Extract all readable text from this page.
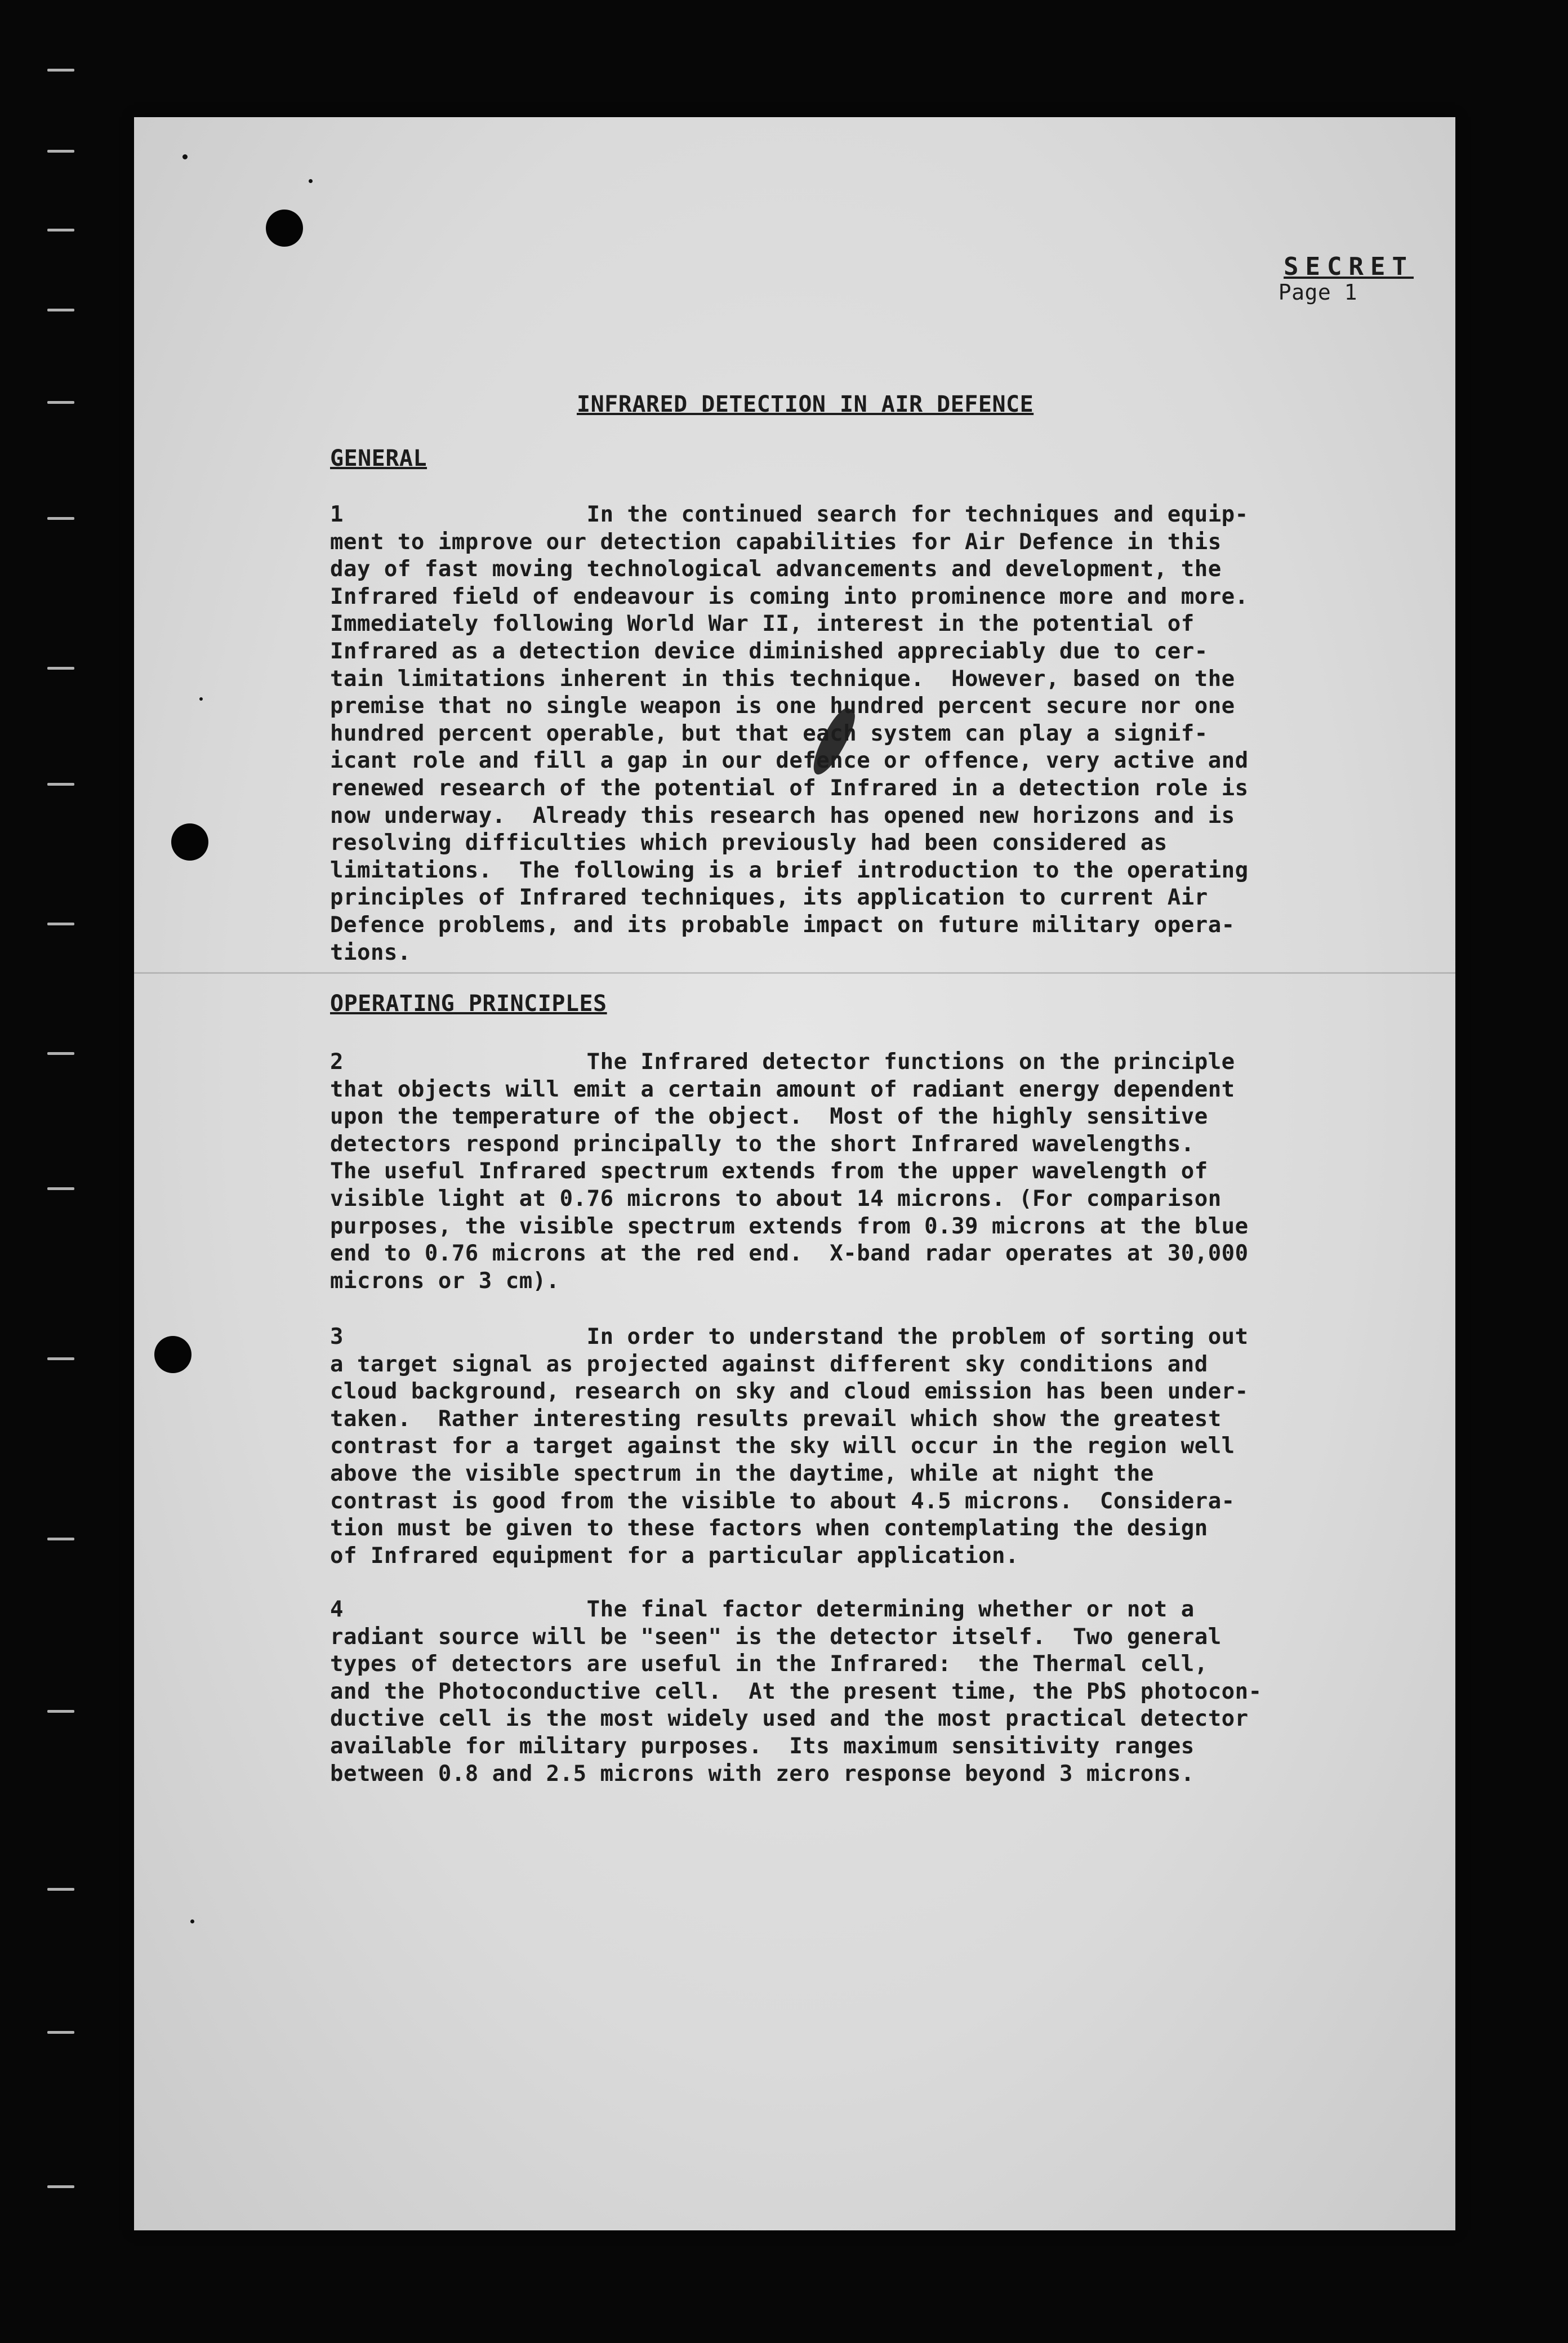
SECRET
Page 1
INFRARED DETECTION IN AIR DEFENCE
GENERAL
1                  In the continued search for techniques and equip-
ment to improve our detection capabilities for Air Defence in this
day of fast moving technological advancements and development, the
Infrared field of endeavour is coming into prominence more and more.
Immediately following World War II, interest in the potential of
Infrared as a detection device diminished appreciably due to cer-
tain limitations inherent in this technique.  However, based on the
premise that no single weapon is one hundred percent secure nor one
hundred percent operable, but that each system can play a signif-
icant role and fill a gap in our defence or offence, very active and
renewed research of the potential of Infrared in a detection role is
now underway.  Already this research has opened new horizons and is
resolving difficulties which previously had been considered as
limitations.  The following is a brief introduction to the operating
principles of Infrared techniques, its application to current Air
Defence problems, and its probable impact on future military opera-
tions.
OPERATING PRINCIPLES
2                  The Infrared detector functions on the principle
that objects will emit a certain amount of radiant energy dependent
upon the temperature of the object.  Most of the highly sensitive
detectors respond principally to the short Infrared wavelengths.
The useful Infrared spectrum extends from the upper wavelength of
visible light at 0.76 microns to about 14 microns. (For comparison
purposes, the visible spectrum extends from 0.39 microns at the blue
end to 0.76 microns at the red end.  X-band radar operates at 30,000
microns or 3 cm).
3                  In order to understand the problem of sorting out
a target signal as projected against different sky conditions and
cloud background, research on sky and cloud emission has been under-
taken.  Rather interesting results prevail which show the greatest
contrast for a target against the sky will occur in the region well
above the visible spectrum in the daytime, while at night the
contrast is good from the visible to about 4.5 microns.  Considera-
tion must be given to these factors when contemplating the design
of Infrared equipment for a particular application.
4                  The final factor determining whether or not a
radiant source will be "seen" is the detector itself.  Two general
types of detectors are useful in the Infrared:  the Thermal cell,
and the Photoconductive cell.  At the present time, the PbS photocon-
ductive cell is the most widely used and the most practical detector
available for military purposes.  Its maximum sensitivity ranges
between 0.8 and 2.5 microns with zero response beyond 3 microns.
